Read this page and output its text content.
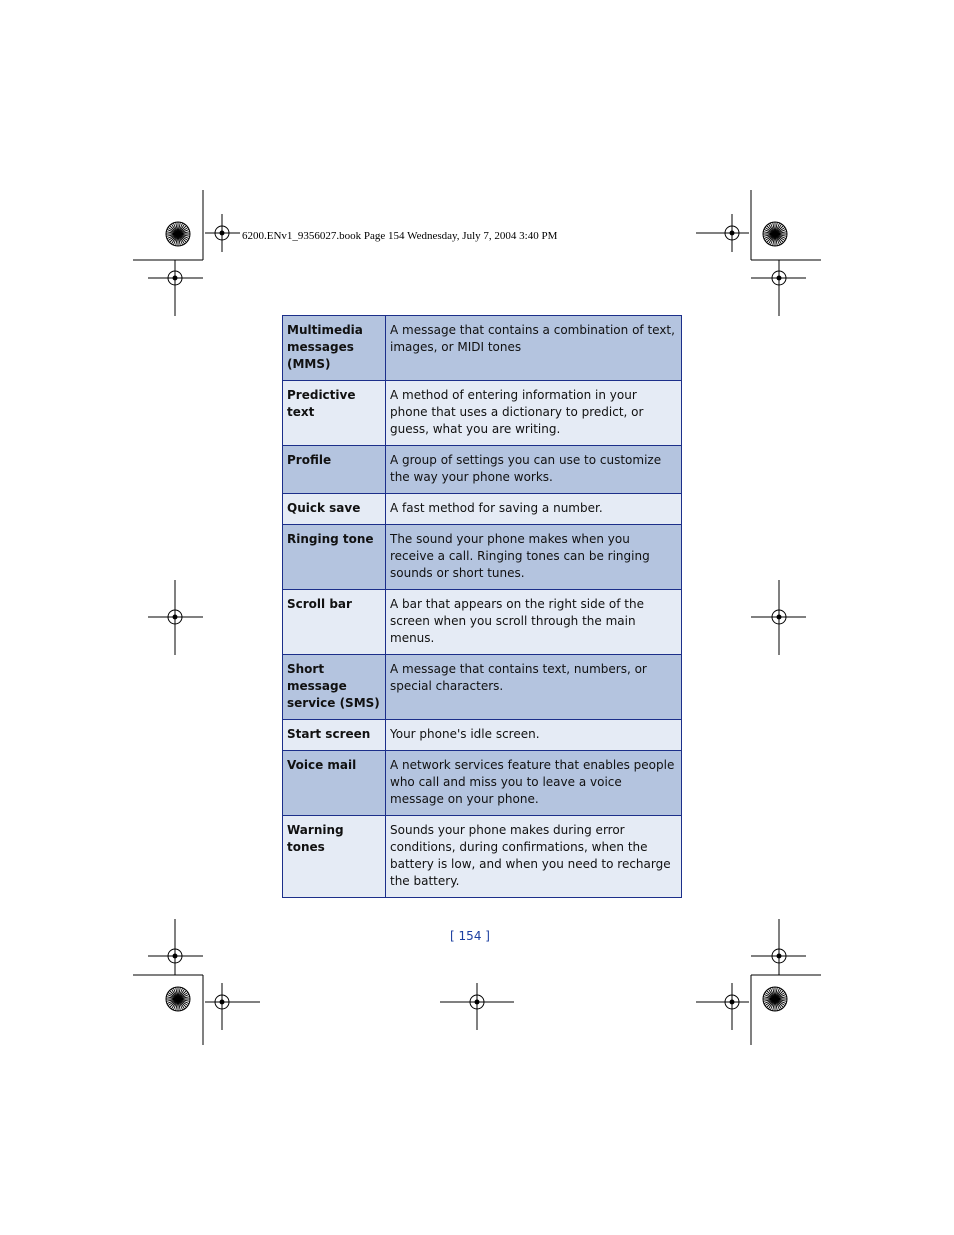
6200.ENv1_9356027.book Page 154 Wednesday, July 7, 2004 3:40 PM
Multimedia messages (MMS)	A message that contains a combination of text, images, or MIDI tones
Predictive text	A method of entering information in your phone that uses a dictionary to predict, or guess, what you are writing.
Profile	A group of settings you can use to customize the way your phone works.
Quick save	A fast method for saving a number.
Ringing tone	The sound your phone makes when you receive a call. Ringing tones can be ringing sounds or short tunes.
Scroll bar	A bar that appears on the right side of the screen when you scroll through the main menus.
Short message service (SMS)	A message that contains text, numbers, or special characters.
Start screen	Your phone's idle screen.
Voice mail	A network services feature that enables people who call and miss you to leave a voice message on your phone.
Warning tones	Sounds your phone makes during error conditions, during confirmations, when the battery is low, and when you need to recharge the battery.
[ 154 ]
